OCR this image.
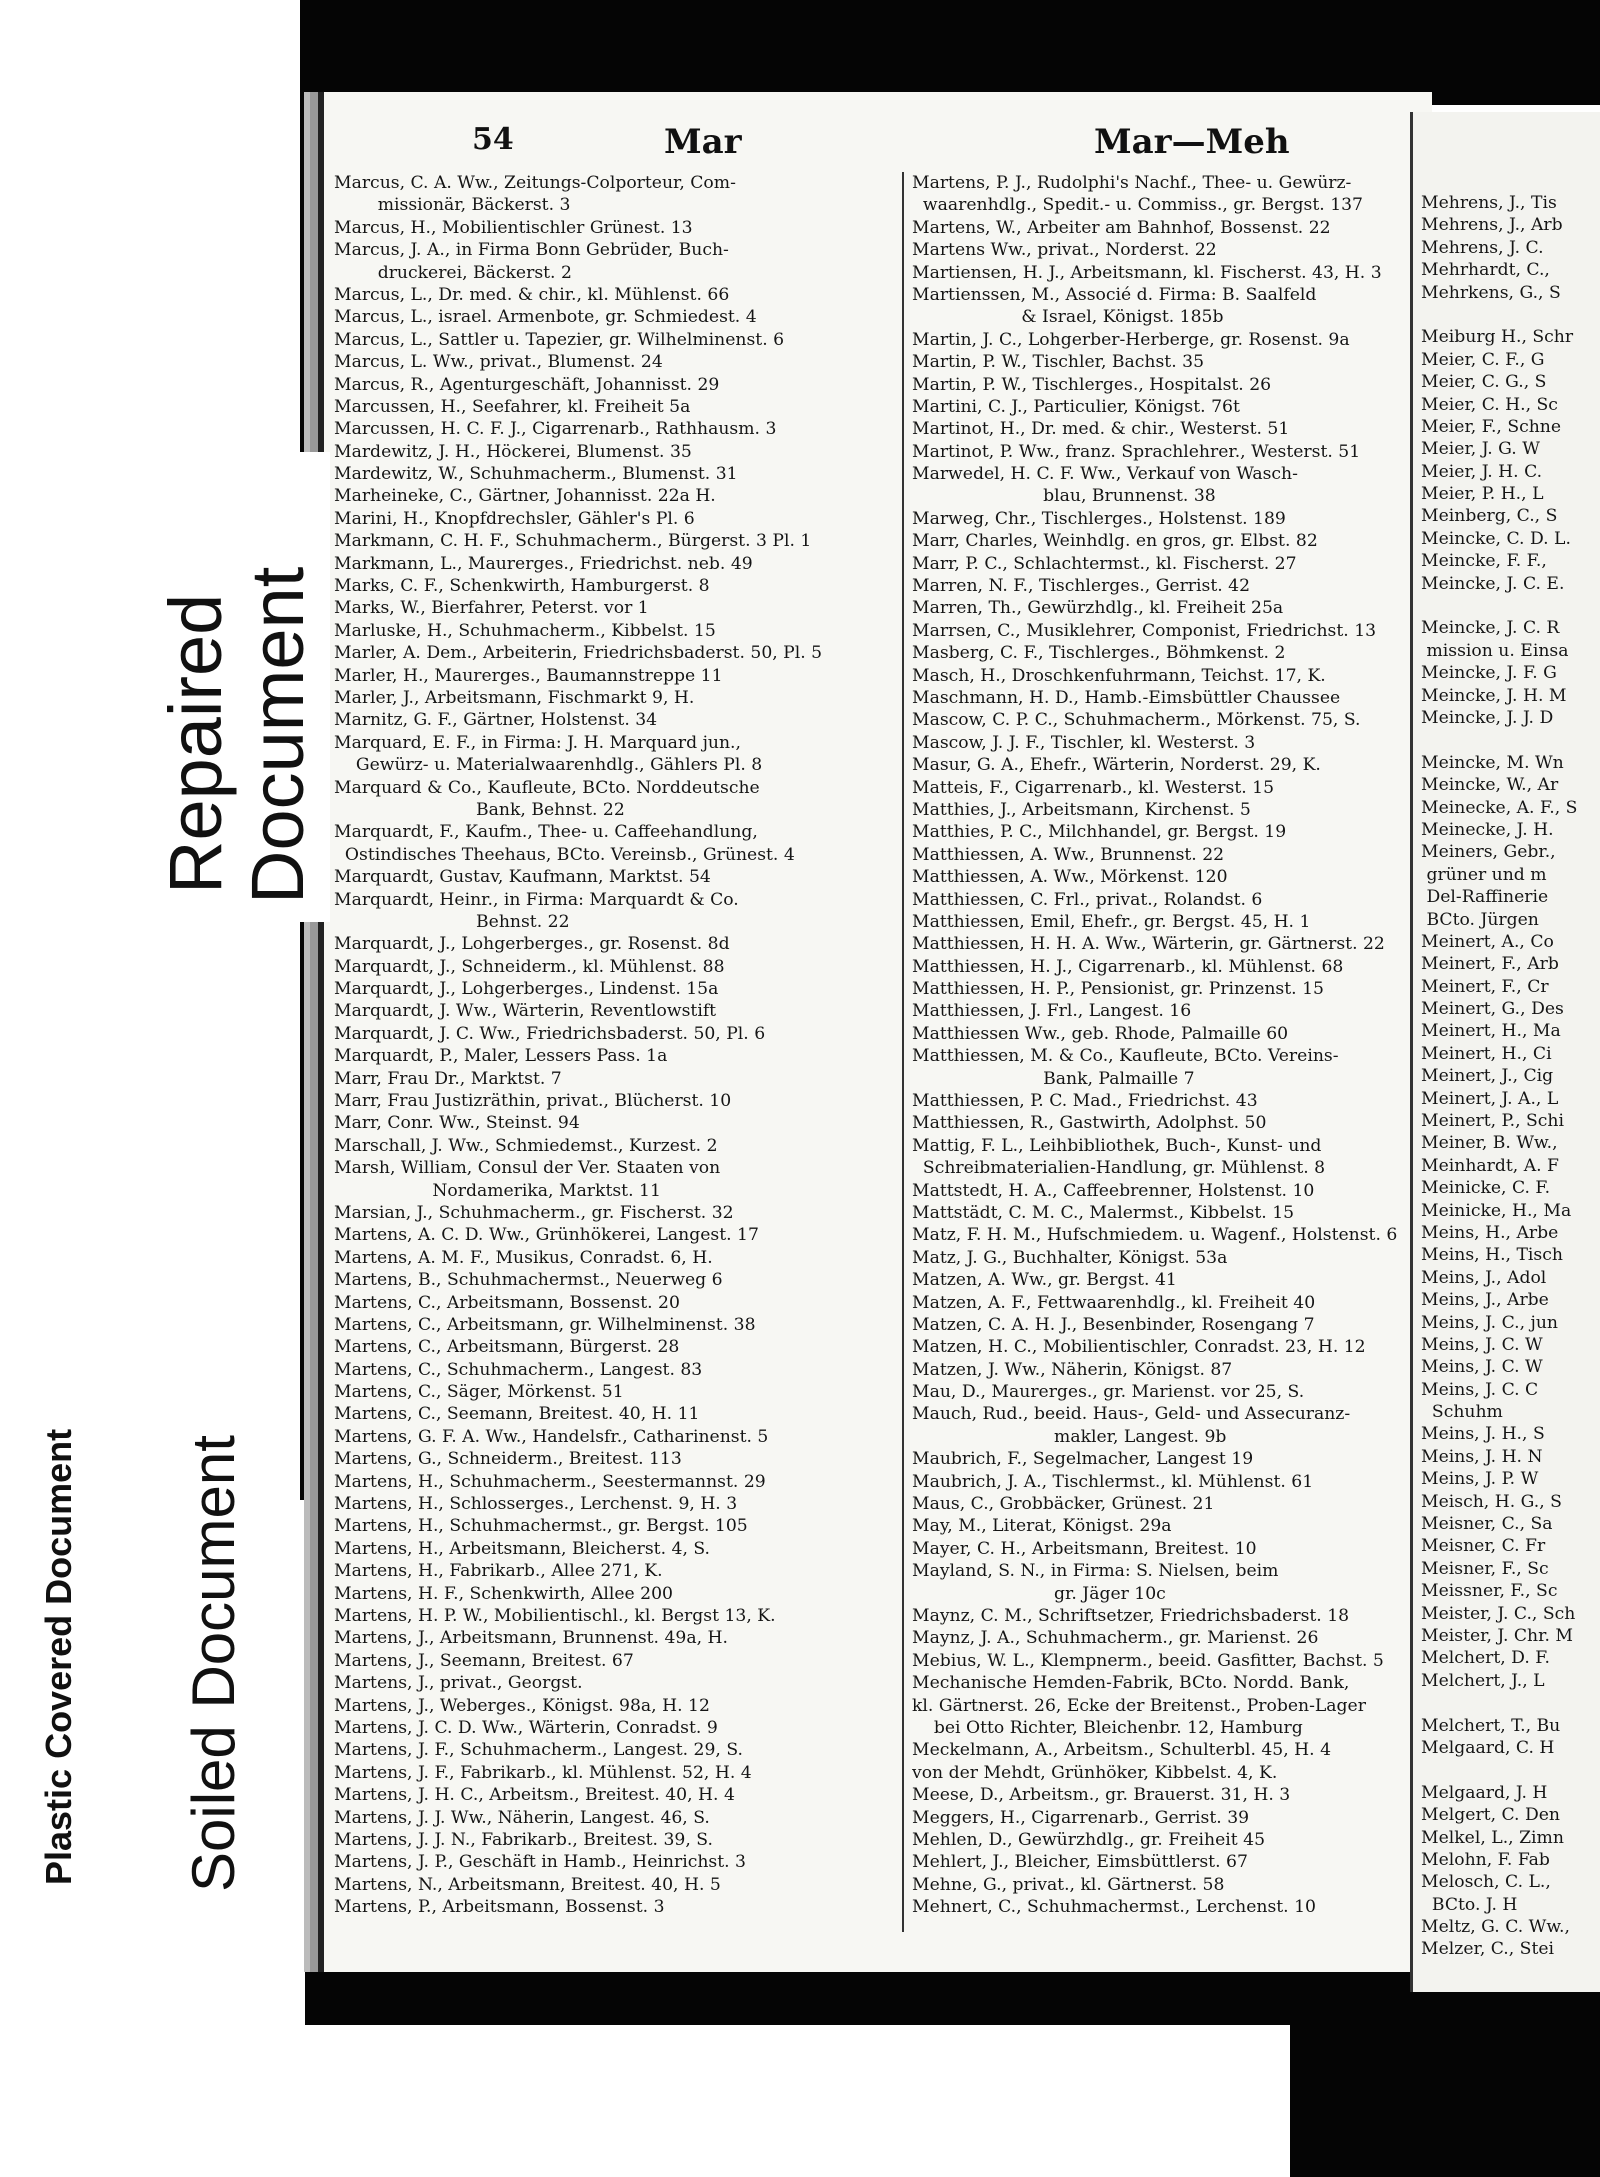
54	Mar	Mar—Meh
Marcus, C. A. Ww., Zeitungs-Colporteur, Com-
missionär, Bäckerst. 3
Marcus, H., Mobilientischler Grünest. 13
Marcus, J. A., in Firma Bonn Gebrüder, Buch-
druckerei, Bäckerst. 2
Marcus, L., Dr. med. & chir., kl. Mühlenst. 66
Marcus, L., israel. Armenbote, gr. Schmiedest. 4
Marcus, L., Sattler u. Tapezier, gr. Wilhelminenst. 6
Marcus, L. Ww., privat., Blumenst. 24
Marcus, R., Agenturgeschäft, Johannisst. 29
Marcussen, H., Seefahrer, kl. Freiheit 5a
Marcussen, H. C. F. J., Cigarrenarb., Rathhausm. 3
Mardewitz, J. H., Höckerei, Blumenst. 35
Mardewitz, W., Schuhmacherm., Blumenst. 31
Marheineke, C., Gärtner, Johannisst. 22a H.
Marini, H., Knopfdrechsler, Gähler's Pl. 6
Markmann, C. H. F., Schuhmacherm., Bürgerst. 3 Pl. 1
Markmann, L., Maurerges., Friedrichst. neb. 49
Marks, C. F., Schenkwirth, Hamburgerst. 8
Marks, W., Bierfahrer, Peterst. vor 1
Marluske, H., Schuhmacherm., Kibbelst. 15
Marler, A. Dem., Arbeiterin, Friedrichsbaderst. 50, Pl. 5
Marler, H., Maurerges., Baumannstreppe 11
Marler, J., Arbeitsmann, Fischmarkt 9, H.
Marnitz, G. F., Gärtner, Holstenst. 34
Marquard, E. F., in Firma: J. H. Marquard jun.,
Gewürz- u. Materialwaarenhdlg., Gählers Pl. 8
Marquard & Co., Kaufleute, BCto. Norddeutsche
Bank, Behnst. 22
Marquardt, F., Kaufm., Thee- u. Caffeehandlung,
Ostindisches Theehaus, BCto. Vereinsb., Grünest. 4
Marquardt, Gustav, Kaufmann, Marktst. 54
Marquardt, Heinr., in Firma: Marquardt & Co.
Behnst. 22
Marquardt, J., Lohgerberges., gr. Rosenst. 8d
Marquardt, J., Schneiderm., kl. Mühlenst. 88
Marquardt, J., Lohgerberges., Lindenst. 15a
Marquardt, J. Ww., Wärterin, Reventlowstift
Marquardt, J. C. Ww., Friedrichsbaderst. 50, Pl. 6
Marquardt, P., Maler, Lessers Pass. 1a
Marr, Frau Dr., Marktst. 7
Marr, Frau Justizräthin, privat., Blücherst. 10
Marr, Conr. Ww., Steinst. 94
Marschall, J. Ww., Schmiedemst., Kurzest. 2
Marsh, William, Consul der Ver. Staaten von
Nordamerika, Marktst. 11
Marsian, J., Schuhmacherm., gr. Fischerst. 32
Martens, A. C. D. Ww., Grünhökerei, Langest. 17
Martens, A. M. F., Musikus, Conradst. 6, H.
Martens, B., Schuhmachermst., Neuerweg 6
Martens, C., Arbeitsmann, Bossenst. 20
Martens, C., Arbeitsmann, gr. Wilhelminenst. 38
Martens, C., Arbeitsmann, Bürgerst. 28
Martens, C., Schuhmacherm., Langest. 83
Martens, C., Säger, Mörkenst. 51
Martens, C., Seemann, Breitest. 40, H. 11
Martens, G. F. A. Ww., Handelsfr., Catharinenst. 5
Martens, G., Schneiderm., Breitest. 113
Martens, H., Schuhmacherm., Seestermannst. 29
Martens, H., Schlosserges., Lerchenst. 9, H. 3
Martens, H., Schuhmachermst., gr. Bergst. 105
Martens, H., Arbeitsmann, Bleicherst. 4, S.
Martens, H., Fabrikarb., Allee 271, K.
Martens, H. F., Schenkwirth, Allee 200
Martens, H. P. W., Mobilientischl., kl. Bergst 13, K.
Martens, J., Arbeitsmann, Brunnenst. 49a, H.
Martens, J., Seemann, Breitest. 67
Martens, J., privat., Georgst.
Martens, J., Weberges., Königst. 98a, H. 12
Martens, J. C. D. Ww., Wärterin, Conradst. 9
Martens, J. F., Schuhmacherm., Langest. 29, S.
Martens, J. F., Fabrikarb., kl. Mühlenst. 52, H. 4
Martens, J. H. C., Arbeitsm., Breitest. 40, H. 4
Martens, J. J. Ww., Näherin, Langest. 46, S.
Martens, J. J. N., Fabrikarb., Breitest. 39, S.
Martens, J. P., Geschäft in Hamb., Heinrichst. 3
Martens, N., Arbeitsmann, Breitest. 40, H. 5
Martens, P., Arbeitsmann, Bossenst. 3
Martens, P. J., Rudolphi's Nachf., Thee- u. Gewürz-
waarenhdlg., Spedit.- u. Commiss., gr. Bergst. 137
Martens, W., Arbeiter am Bahnhof, Bossenst. 22
Martens Ww., privat., Norderst. 22
Martiensen, H. J., Arbeitsmann, kl. Fischerst. 43, H. 3
Martienssen, M., Associé d. Firma: B. Saalfeld
& Israel, Königst. 185b
Martin, J. C., Lohgerber-Herberge, gr. Rosenst. 9a
Martin, P. W., Tischler, Bachst. 35
Martin, P. W., Tischlerges., Hospitalst. 26
Martini, C. J., Particulier, Königst. 76t
Martinot, H., Dr. med. & chir., Westerst. 51
Martinot, P. Ww., franz. Sprachlehrer., Westerst. 51
Marwedel, H. C. F. Ww., Verkauf von Wasch-
blau, Brunnenst. 38
Marweg, Chr., Tischlerges., Holstenst. 189
Marr, Charles, Weinhdlg. en gros, gr. Elbst. 82
Marr, P. C., Schlachtermst., kl. Fischerst. 27
Marren, N. F., Tischlerges., Gerrist. 42
Marren, Th., Gewürzhdlg., kl. Freiheit 25a
Marrsen, C., Musiklehrer, Componist, Friedrichst. 13
Masberg, C. F., Tischlerges., Böhmkenst. 2
Masch, H., Droschkenfuhrmann, Teichst. 17, K.
Maschmann, H. D., Hamb.-Eimsbüttler Chaussee
Mascow, C. P. C., Schuhmacherm., Mörkenst. 75, S.
Mascow, J. J. F., Tischler, kl. Westerst. 3
Masur, G. A., Ehefr., Wärterin, Norderst. 29, K.
Matteis, F., Cigarrenarb., kl. Westerst. 15
Matthies, J., Arbeitsmann, Kirchenst. 5
Matthies, P. C., Milchhandel, gr. Bergst. 19
Matthiessen, A. Ww., Brunnenst. 22
Matthiessen, A. Ww., Mörkenst. 120
Matthiessen, C. Frl., privat., Rolandst. 6
Matthiessen, Emil, Ehefr., gr. Bergst. 45, H. 1
Matthiessen, H. H. A. Ww., Wärterin, gr. Gärtnerst. 22
Matthiessen, H. J., Cigarrenarb., kl. Mühlenst. 68
Matthiessen, H. P., Pensionist, gr. Prinzenst. 15
Matthiessen, J. Frl., Langest. 16
Matthiessen Ww., geb. Rhode, Palmaille 60
Matthiessen, M. & Co., Kaufleute, BCto. Vereins-
Bank, Palmaille 7
Matthiessen, P. C. Mad., Friedrichst. 43
Matthiessen, R., Gastwirth, Adolphst. 50
Mattig, F. L., Leihbibliothek, Buch-, Kunst- und
Schreibmaterialien-Handlung, gr. Mühlenst. 8
Mattstedt, H. A., Caffeebrenner, Holstenst. 10
Mattstädt, C. M. C., Malermst., Kibbelst. 15
Matz, F. H. M., Hufschmiedem. u. Wagenf., Holstenst. 6
Matz, J. G., Buchhalter, Königst. 53a
Matzen, A. Ww., gr. Bergst. 41
Matzen, A. F., Fettwaarenhdlg., kl. Freiheit 40
Matzen, C. A. H. J., Besenbinder, Rosengang 7
Matzen, H. C., Mobilientischler, Conradst. 23, H. 12
Matzen, J. Ww., Näherin, Königst. 87
Mau, D., Maurerges., gr. Marienst. vor 25, S.
Mauch, Rud., beeid. Haus-, Geld- und Assecuranz-
makler, Langest. 9b
Maubrich, F., Segelmacher, Langest 19
Maubrich, J. A., Tischlermst., kl. Mühlenst. 61
Maus, C., Grobbäcker, Grünest. 21
May, M., Literat, Königst. 29a
Mayer, C. H., Arbeitsmann, Breitest. 10
Mayland, S. N., in Firma: S. Nielsen, beim
gr. Jäger 10c
Maynz, C. M., Schriftsetzer, Friedrichsbaderst. 18
Maynz, J. A., Schuhmacherm., gr. Marienst. 26
Mebius, W. L., Klempnerm., beeid. Gasfitter, Bachst. 5
Mechanische Hemden-Fabrik, BCto. Nordd. Bank,
kl. Gärtnerst. 26, Ecke der Breitenst., Proben-Lager
bei Otto Richter, Bleichenbr. 12, Hamburg
Meckelmann, A., Arbeitsm., Schulterbl. 45, H. 4
von der Mehdt, Grünhöker, Kibbelst. 4, K.
Meese, D., Arbeitsm., gr. Brauerst. 31, H. 3
Meggers, H., Cigarrenarb., Gerrist. 39
Mehlen, D., Gewürzhdlg., gr. Freiheit 45
Mehlert, J., Bleicher, Eimsbüttlerst. 67
Mehne, G., privat., kl. Gärtnerst. 58
Mehnert, C., Schuhmachermst., Lerchenst. 10
Mehrens, J., Tis
Mehrens, J., Arb
Mehrens, J. C.
Mehrhardt, C.,
Mehrkens, G., S
Meiburg H., Schr
Meier, C. F., G
Meier, C. G., S
Meier, C. H., Sc
Meier, F., Schne
Meier, J. G. W
Meier, J. H. C.
Meier, P. H., L
Meinberg, C., S
Meincke, C. D. L.
Meincke, F. F.,
Meincke, J. C. E.
Meincke, J. C. R
mission u. Einsa
Meincke, J. F. G
Meincke, J. H. M
Meincke, J. J. D
Meincke, M. Wn
Meincke, W., Ar
Meinecke, A. F., S
Meinecke, J. H.
Meiners, Gebr.,
grüner und m
Del-Raffinerie
BCto. Jürgen
Meinert, A., Co
Meinert, F., Arb
Meinert, F., Cr
Meinert, G., Des
Meinert, H., Ma
Meinert, H., Ci
Meinert, J., Cig
Meinert, J. A., L
Meinert, P., Schi
Meiner, B. Ww.,
Meinhardt, A. F
Meinicke, C. F.
Meinicke, H., Ma
Meins, H., Arbe
Meins, H., Tisch
Meins, J., Adol
Meins, J., Arbe
Meins, J. C., jun
Meins, J. C. W
Meins, J. C. W
Meins, J. C. C
Schuhm
Meins, J. H., S
Meins, J. H. N
Meins, J. P. W
Meisch, H. G., S
Meisner, C., Sa
Meisner, C. Fr
Meisner, F., Sc
Meissner, F., Sc
Meister, J. C., Sch
Meister, J. Chr. M
Melchert, D. F.
Melchert, J., L
Melchert, T., Bu
Melgaard, C. H
Melgaard, J. H
Melgert, C. Den
Melkel, L., Zimn
Melohn, F. Fab
Melosch, C. L.,
BCto. J. H
Meltz, G. C. Ww.,
Melzer, C., Stei
Repaired Document
Plastic Covered Document Soiled Document
